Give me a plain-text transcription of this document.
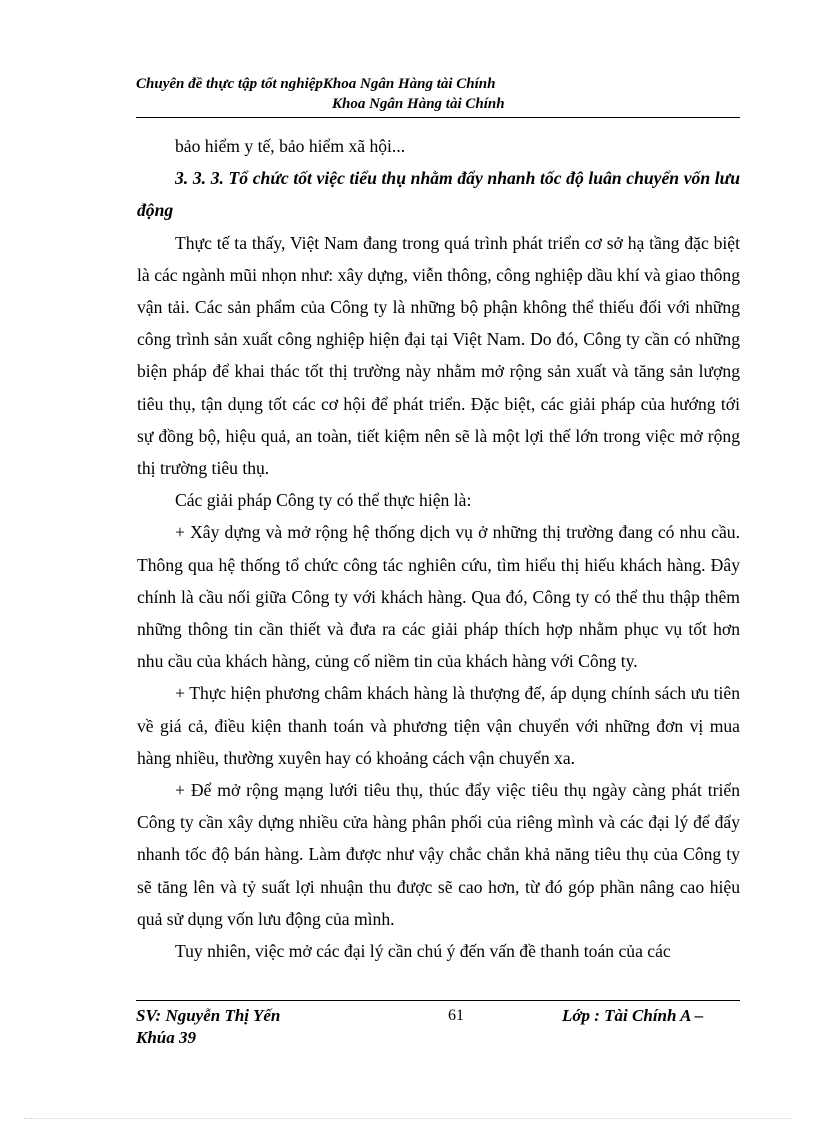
Chuyên đề thực tập tốt nghiệpKhoa Ngân Hàng tài Chính
Khoa Ngân Hàng tài Chính

bảo hiểm y tế, bảo hiểm xã hội...

3. 3. 3. Tổ chức tốt việc tiểu thụ nhằm đẩy nhanh tốc độ luân chuyển vốn lưu động

Thực tế ta thấy, Việt Nam đang trong quá trình phát triển cơ sở hạ tầng đặc biệt là các ngành mũi nhọn như: xây dựng, viễn thông, công nghiệp dầu khí và giao thông vận tải. Các sản phẩm của Công ty là những bộ phận không thể thiếu đối với những công trình sản xuất công nghiệp hiện đại tại Việt Nam. Do đó, Công ty cần có những biện pháp để khai thác tốt thị trường này nhằm mở rộng sản xuất và tăng sản lượng tiêu thụ, tận dụng tốt các cơ hội để phát triển. Đặc biệt, các giải pháp của hướng tới sự đồng bộ, hiệu quả, an toàn, tiết kiệm nên sẽ là một lợi thế lớn trong việc mở rộng thị trường tiêu thụ.

Các giải pháp Công ty có thể thực hiện là:

+ Xây dựng và mở rộng hệ thống dịch vụ ở những thị trường đang có nhu cầu. Thông qua hệ thống tổ chức công tác nghiên cứu, tìm hiểu thị hiếu khách hàng. Đây chính là cầu nối giữa Công ty với khách hàng. Qua đó, Công ty có thể thu thập thêm những thông tin cần thiết và đưa ra các giải pháp thích hợp nhằm phục vụ tốt hơn nhu cầu của khách hàng, củng cố niềm tin của khách hàng với Công ty.

+ Thực hiện phương châm khách hàng là thượng đế, áp dụng chính sách ưu tiên về giá cả, điều kiện thanh toán và phương tiện vận chuyển với những đơn vị mua hàng nhiều, thường xuyên hay có khoảng cách vận chuyển xa.

+ Để mở rộng mạng lưới tiêu thụ, thúc đẩy việc tiêu thụ ngày càng phát triển Công ty cần xây dựng nhiều cửa hàng phân phối của riêng mình và các đại lý để đẩy nhanh tốc độ bán hàng. Làm được như vậy chắc chắn khả năng tiêu thụ của Công ty sẽ tăng lên và tỷ suất lợi nhuận thu được sẽ cao hơn, từ đó góp phần nâng cao hiệu quả sử dụng vốn lưu động của mình.

Tuy nhiên, việc mở các đại lý cần chú ý đến vấn đề thanh toán của các

SV: Nguyễn Thị Yến
Khúa 39
61	Lớp : Tài Chính A –
